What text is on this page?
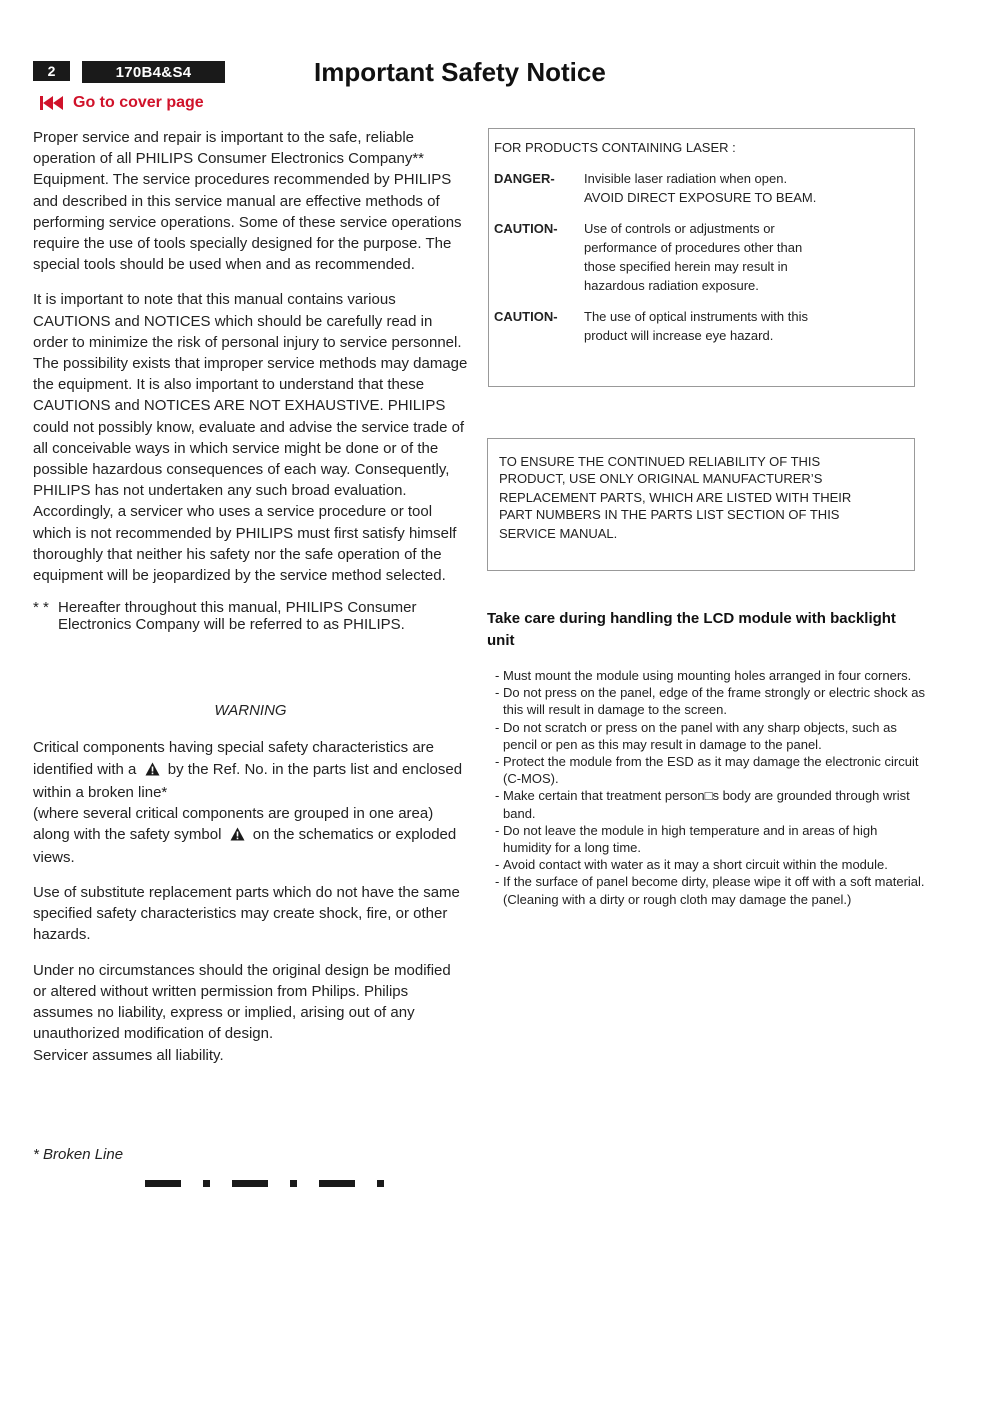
2	170B4&S4	Important Safety Notice
Go to cover page

Proper service and repair is important to the safe, reliable operation of all PHILIPS Consumer Electronics Company** Equipment. The service procedures recommended by PHILIPS and described in this service manual are effective methods of performing service operations. Some of these service operations require the use of tools specially designed for the purpose. The special tools should be used when and as recommended.

It is important to note that this manual contains various CAUTIONS and NOTICES which should be carefully read in order to minimize the risk of personal injury to service personnel. The possibility exists that improper service methods may damage the equipment. It is also important to understand that these CAUTIONS and NOTICES ARE NOT EXHAUSTIVE. PHILIPS could not possibly know, evaluate and advise the service trade of all conceivable ways in which service might be done or of the possible hazardous consequences of each way. Consequently, PHILIPS has not undertaken any such broad evaluation. Accordingly, a servicer who uses a service procedure or tool which is not recommended by PHILIPS must first satisfy himself thoroughly that neither his safety nor the safe operation of the equipment will be jeopardized by the service method selected.

* * Hereafter throughout this manual, PHILIPS Consumer Electronics Company will be referred to as PHILIPS.

WARNING

Critical components having special safety characteristics are identified with a by the Ref. No. in the parts list and enclosed within a broken line*

(where several critical components are grouped in one area) along with the safety symbol on the schematics or exploded views.

Use of substitute replacement parts which do not have the same specified safety characteristics may create shock, fire, or other hazards.

Under no circumstances should the original design be modified or altered without written permission from Philips. Philips assumes no liability, express or implied, arising out of any unauthorized modification of design.

Servicer assumes all liability.

* Broken Line
FOR PRODUCTS CONTAINING LASER :
DANGER-	Invisible laser radiation when open.
AVOID DIRECT EXPOSURE TO BEAM.
CAUTION-	Use of controls or adjustments or performance of procedures other than those specified herein may result in hazardous radiation exposure.
CAUTION-	The use of optical instruments with this product will increase eye hazard.
TO ENSURE THE CONTINUED RELIABILITY OF THIS
PRODUCT, USE ONLY ORIGINAL MANUFACTURER’S
REPLACEMENT PARTS, WHICH ARE LISTED WITH THEIR
PART NUMBERS IN THE PARTS LIST SECTION OF THIS
SERVICE MANUAL.
Take care during handling the LCD module with backlight unit
- Must mount the module using mounting holes arranged in four corners.
- Do not press on the panel, edge of the frame strongly or electric shock as this will result in damage to the screen.
- Do not scratch or press on the panel with any sharp objects, such as pencil or pen as this may result in damage to the panel.
- Protect the module from the ESD as it may damage the electronic circuit (C-MOS).
- Make certain that treatment person□s body are grounded through wrist band.
- Do not leave the module in high temperature and in areas of high humidity for a long time.
- Avoid contact with water as it may a short circuit within the module.
- If the surface of panel become dirty, please wipe it off with a soft material. (Cleaning with a dirty or rough cloth may damage the panel.)
